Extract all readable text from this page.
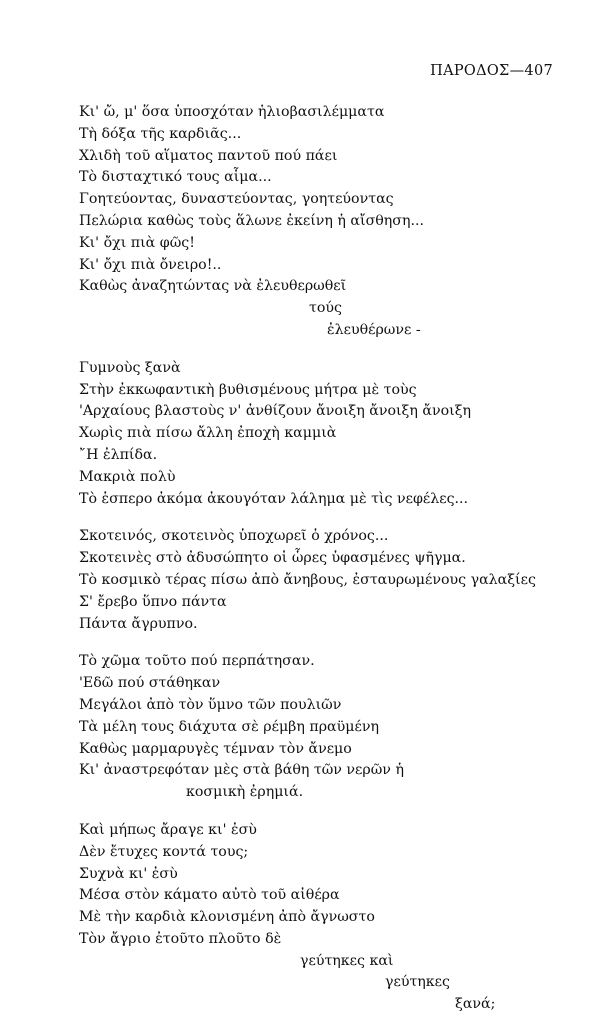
ΠΑΡΟΔΟΣ—407
Κι' ὤ, μ' ὅσα ὑποσχόταν ἡλιοβασιλέμματα
Τὴ δόξα τῆς καρδιᾶς...
Χλιδὴ τοῦ αἵματος παντοῦ πού πάει
Τὸ δισταχτικό τους αἷμα...
Γοητεύοντας, δυναστεύοντας, γοητεύοντας
Πελώρια καθὼς τοὺς ἅλωνε ἐκείνη ἡ αἴσθηση...
Κι' ὄχι πιὰ φῶς!
Κι' ὄχι πιὰ ὄνειρο!..
Καθὼς ἀναζητώντας νὰ ἐλευθερωθεῖ
τούς
ἐλευθέρωνε -
Γυμνοὺς ξανὰ
Στὴν ἐκκωφαντικὴ βυθισμένους μήτρα μὲ τοὺς
'Αρχαίους βλαστοὺς ν' ἀνθίζουν ἄνοιξη ἄνοιξη ἄνοιξη
Χωρὶς πιὰ πίσω ἄλλη ἐποχὴ καμμιὰ
῎Η ἐλπίδα.
Μακριὰ πολὺ
Τὸ ἑσπερο ἀκόμα ἀκουγόταν λάλημα μὲ τὶς νεφέλες...
Σκοτεινός, σκοτεινὸς ὑποχωρεῖ ὁ χρόνος...
Σκοτεινὲς στὸ ἀδυσώπητο οἱ ὧρες ὑφασμένες ψῆγμα.
Τὸ κοσμικὸ τέρας πίσω ἀπὸ ἄνηβους, ἐσταυρωμένους γαλαξίες
Σ' ἔρεβο ὕπνο πάντα
Πάντα ἄγρυπνο.
Τὸ χῶμα τοῦτο πού περπάτησαν.
'Εδῶ πού στάθηκαν
Μεγάλοι ἀπὸ τὸν ὕμνο τῶν πουλιῶν
Τὰ μέλη τους διάχυτα σὲ ρέμβη πραϋμένη
Καθὼς μαρμαρυγὲς τέμναν τὸν ἄνεμο
Κι' ἀναστρεφόταν μὲς στὰ βάθη τῶν νερῶν ἡ
κοσμικὴ ἐρημιά.
Καὶ μήπως ἄραγε κι' ἐσὺ
Δὲν ἔτυχες κοντά τους;
Συχνὰ κι' ἐσὺ
Μέσα στὸν κάματο αὐτὸ τοῦ αἰθέρα
Μὲ τὴν καρδιὰ κλονισμένη ἀπὸ ἄγνωστο
Τὸν ἄγριο ἐτοῦτο πλοῦτο δὲ
γεύτηκες καὶ
γεύτηκες
ξανά;
